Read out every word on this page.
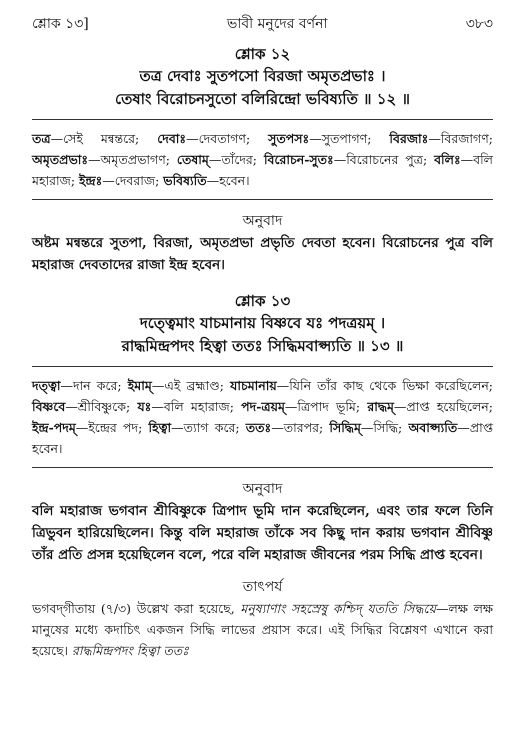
শ্লোক ১৩]	ভাবী মনুদের বর্ণনা	৩৮৩
শ্লোক ১২
তত্র দেবাঃ সুতপসো বিরজা অমৃতপ্রভাঃ ।
তেষাং বিরোচনসুতো বলিরিন্দ্রো ভবিষ্যতি ॥ ১২ ॥
তত্র—সেই মন্বন্তরে; দেবাঃ—দেবতাগণ; সুতপসঃ—সুতপাগণ; বিরজাঃ—বিরজাগণ; অমৃতপ্রভাঃ—অমৃতপ্রভাগণ; তেষাম্—তাঁদের; বিরোচন-সুতঃ—বিরোচনের পুত্র; বলিঃ—বলি মহারাজ; ইন্দ্রঃ—দেবরাজ; ভবিষ্যতি—হবেন।
অনুবাদ
অষ্টম মন্বন্তরে সুতপা, বিরজা, অমৃতপ্রভা প্রভৃতি দেবতা হবেন। বিরোচনের পুত্র বলি মহারাজ দেবতাদের রাজা ইন্দ্র হবেন।
শ্লোক ১৩
দত্ত্বেমাং যাচমানায় বিষ্ণবে যঃ পদত্রয়ম্ ।
রাদ্ধমিন্দ্রপদং হিত্বা ততঃ সিদ্ধিমবাপ্স্যতি ॥ ১৩ ॥
দত্ত্বা—দান করে; ইমাম্—এই ব্রহ্মাণ্ড; যাচমানায়—যিনি তাঁর কাছ থেকে ভিক্ষা করেছিলেন; বিষ্ণবে—শ্রীবিষ্ণুকে; যঃ—বলি মহারাজ; পদ-ত্রয়ম্—ত্রিপাদ ভূমি; রাদ্ধম্—প্রাপ্ত হয়েছিলেন; ইন্দ্র-পদম্—ইন্দ্রের পদ; হিত্বা—ত্যাগ করে; ততঃ—তারপর; সিদ্ধিম্—সিদ্ধি; অবাপ্স্যতি—প্রাপ্ত হবেন।
অনুবাদ
বলি মহারাজ ভগবান শ্রীবিষ্ণুকে ত্রিপাদ ভূমি দান করেছিলেন, এবং তার ফলে তিনি ত্রিভুবন হারিয়েছিলেন। কিন্তু বলি মহারাজ তাঁকে সব কিছু দান করায় ভগবান শ্রীবিষ্ণু তাঁর প্রতি প্রসন্ন হয়েছিলেন বলে, পরে বলি মহারাজ জীবনের পরম সিদ্ধি প্রাপ্ত হবেন।
তাৎপর্য
ভগবদ্‌গীতায় (৭/৩) উল্লেখ করা হয়েছে, মনুষ্যাণাং সহস্রেষু কশ্চিদ্ যততি সিদ্ধয়ে—লক্ষ লক্ষ মানুষের মধ্যে কদাচিৎ একজন সিদ্ধি লাভের প্রয়াস করে। এই সিদ্ধির বিশ্লেষণ এখানে করা হয়েছে। রাদ্ধমিন্দ্রপদং হিত্বা ততঃ
